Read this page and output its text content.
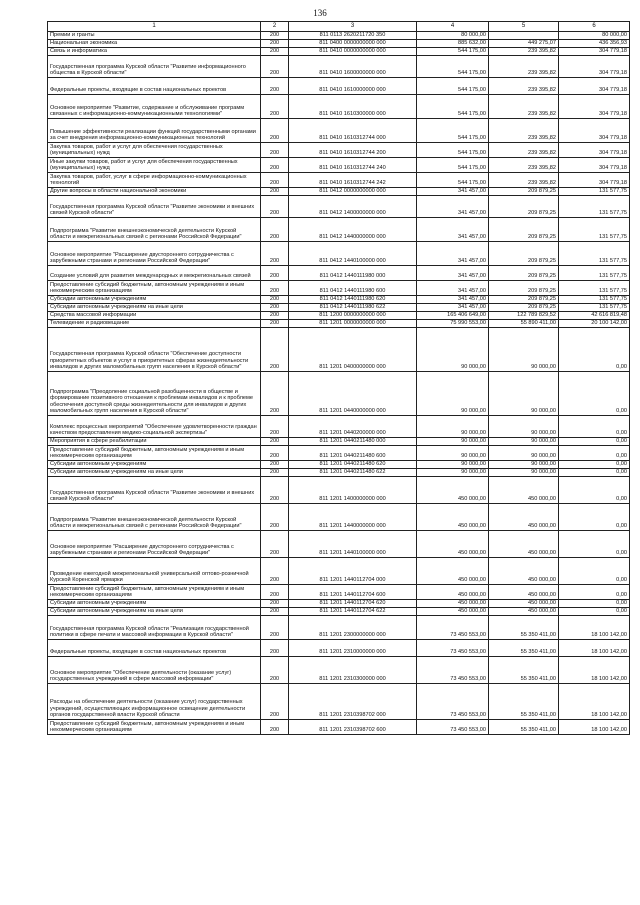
136
1	2	3	4	5	6
Премии и гранты	200	811 0113 2620211720 350	80 000,00		80 000,00
Национальная экономика	200	811 0400 0000000000 000	885 632,00	449 275,07	436 356,93
Связь и информатика	200	811 0410 0000000000 000	544 175,00	239 395,82	304 779,18
Государственная программа Курской области "Развитие информационного общества в Курской области"	200	811 0410 1600000000 000	544 175,00	239 395,82	304 779,18
Федеральные проекты, входящие в состав национальных проектов	200	811 0410 1610000000 000	544 175,00	239 395,82	304 779,18
Основное мероприятие "Развитие, содержание и обслуживание программ связанных с информационно-коммуникационными технологиями"	200	811 0410 1610300000 000	544 175,00	239 395,82	304 779,18
Повышение эффективности реализации функций государственными органами за счет внедрения информационно-коммуникационных технологий	200	811 0410 1610312744 000	544 175,00	239 395,82	304 779,18
Закупка товаров, работ и услуг для обеспечения государственных (муниципальных) нужд	200	811 0410 1610312744 200	544 175,00	239 395,82	304 779,18
Иные закупки товаров, работ и услуг для обеспечения государственных (муниципальных) нужд	200	811 0410 1610312744 240	544 175,00	239 395,82	304 779,18
Закупка товаров, работ, услуг в сфере информационно-коммуникационных технологий	200	811 0410 1610312744 242	544 175,00	239 395,82	304 779,18
Другие вопросы в области национальной экономики	200	811 0412 0000000000 000	341 457,00	209 879,25	131 577,75
Государственная программа Курской области "Развитие экономики и внешних связей Курской области"	200	811 0412 1400000000 000	341 457,00	209 879,25	131 577,75
Подпрограмма "Развитие внешнеэкономической деятельности Курской области и межрегиональных связей с регионами Российской Федерации"	200	811 0412 1440000000 000	341 457,00	209 879,25	131 577,75
Основное мероприятие "Расширение двустороннего сотрудничества с зарубежными странами и регионами Российской Федерации"	200	811 0412 1440100000 000	341 457,00	209 879,25	131 577,75
Создание условий для развития международных и межрегиональных связей	200	811 0412 1440111980 000	341 457,00	209 879,25	131 577,75
Предоставление субсидий бюджетным, автономным учреждениям и иным некоммерческим организациям	200	811 0412 1440111980 600	341 457,00	209 879,25	131 577,75
Субсидии автономным учреждениям	200	811 0412 1440111980 620	341 457,00	209 879,25	131 577,75
Субсидии автономным учреждениям на иные цели	200	811 0412 1440111980 622	341 457,00	209 879,25	131 577,75
Средства массовой информации	200	811 1200 0000000000 000	165 406 649,00	122 789 829,52	42 616 819,48
Телевидение и радиовещание	200	811 1201 0000000000 000	75 990 553,00	55 890 411,00	20 100 142,00
Государственная программа Курской области "Обеспечение доступности приоритетных объектов и услуг в приоритетных сферах жизнедеятельности инвалидов и других маломобильных групп населения в Курской области"	200	811 1201 0400000000 000	90 000,00	90 000,00	0,00
Подпрограмма "Преодоление социальной разобщенности в обществе и формирование позитивного отношения к проблемам инвалидов и к проблеме обеспечения доступной среды жизнедеятельности для инвалидов и других маломобильных групп населения в Курской области"	200	811 1201 0440000000 000	90 000,00	90 000,00	0,00
Комплекс процессных мероприятий "Обеспечение удовлетворенности граждан качеством предоставления медико-социальной экспертизы"	200	811 1201 0440200000 000	90 000,00	90 000,00	0,00
Мероприятия в сфере реабилитации	200	811 1201 0440211480 000	90 000,00	90 000,00	0,00
Предоставление субсидий бюджетным, автономным учреждениям и иным некоммерческим организациям	200	811 1201 0440211480 600	90 000,00	90 000,00	0,00
Субсидии автономным учреждениям	200	811 1201 0440211480 620	90 000,00	90 000,00	0,00
Субсидии автономным учреждениям на иные цели	200	811 1201 0440211480 622	90 000,00	90 000,00	0,00
Государственная программа Курской области "Развитие экономики и внешних связей Курской области"	200	811 1201 1400000000 000	450 000,00	450 000,00	0,00
Подпрограмма "Развитие внешнеэкономической деятельности Курской области и межрегиональных связей с регионами Российской Федерации"	200	811 1201 1440000000 000	450 000,00	450 000,00	0,00
Основное мероприятие "Расширение двустороннего сотрудничества с зарубежными странами и регионами Российской Федерации"	200	811 1201 1440100000 000	450 000,00	450 000,00	0,00
Проведение ежегодной межрегиональной универсальной оптово-розничной Курской Коренской ярмарки	200	811 1201 1440112704 000	450 000,00	450 000,00	0,00
Предоставление субсидий бюджетным, автономным учреждениям и иным некоммерческим организациям	200	811 1201 1440112704 600	450 000,00	450 000,00	0,00
Субсидии автономным учреждениям	200	811 1201 1440112704 620	450 000,00	450 000,00	0,00
Субсидии автономным учреждениям на иные цели	200	811 1201 1440112704 622	450 000,00	450 000,00	0,00
Государственная программа Курской области "Реализация государственной политики в сфере печати и массовой информации в Курской области"	200	811 1201 2300000000 000	73 450 553,00	55 350 411,00	18 100 142,00
Федеральные проекты, входящие в состав национальных проектов	200	811 1201 2310000000 000	73 450 553,00	55 350 411,00	18 100 142,00
Основное мероприятие "Обеспечение деятельности (оказание услуг) государственных учреждений в сфере массовой информации"	200	811 1201 2310300000 000	73 450 553,00	55 350 411,00	18 100 142,00
Расходы на обеспечение деятельности (оказание услуг) государственных учреждений, осуществляющих информационное освещение деятельности органов государственной власти Курской области	200	811 1201 2310398702 000	73 450 553,00	55 350 411,00	18 100 142,00
Предоставление субсидий бюджетным, автономным учреждениям и иным некоммерческим организациям	200	811 1201 2310398702 600	73 450 553,00	55 350 411,00	18 100 142,00
